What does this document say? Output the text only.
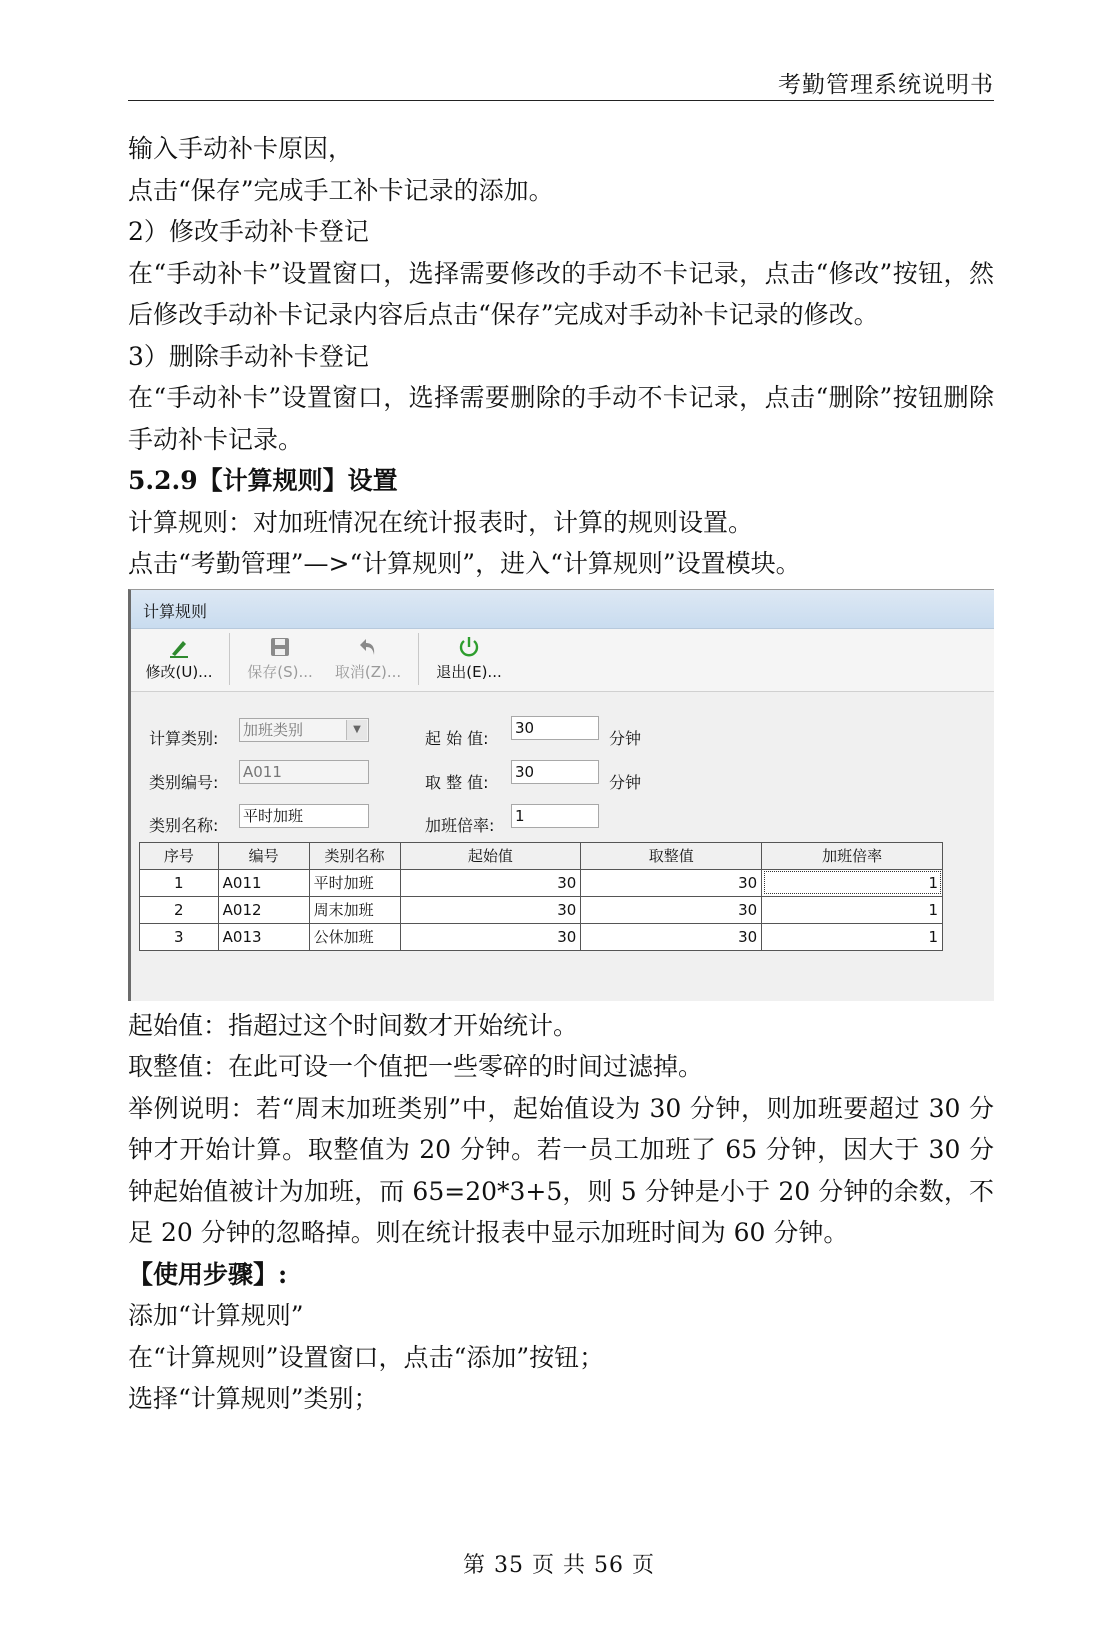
考勤管理系统说明书

输入手动补卡原因，

点击“保存”完成手工补卡记录的添加。

2）修改手动补卡登记

在“手动补卡”设置窗口，选择需要修改的手动不卡记录，点击“修改”按钮，然后修改手动补卡记录内容后点击“保存”完成对手动补卡记录的修改。

3）删除手动补卡登记

在“手动补卡”设置窗口，选择需要删除的手动不卡记录，点击“删除”按钮删除手动补卡记录。

5.2.9【计算规则】设置

计算规则：对加班情况在统计报表时，计算的规则设置。

点击“考勤管理”—>“计算规则”，进入“计算规则”设置模块。

计算规则
修改(U)... 保存(S)... 取消(Z)... 退出(E)...
计算类别: 加班类别	▼
类别编号:
A011
类别名称: 平时加班
起 始 值:
30
分钟
取 整 值:
30
分钟
加班倍率: 1
序号	编号	类别名称	起始值	取整值	加班倍率
1	A011	平时加班	30	30	1
2	A012	周末加班	30	30	1
3	A013	公休加班	30	30	1

起始值：指超过这个时间数才开始统计。

取整值：在此可设一个值把一些零碎的时间过滤掉。

举例说明：若“周末加班类别”中，起始值设为 30 分钟，则加班要超过 30 分钟才开始计算。取整值为 20 分钟。若一员工加班了 65 分钟，因大于 30 分钟起始值被计为加班，而 65=20*3+5，则 5 分钟是小于 20 分钟的余数，不足 20 分钟的忽略掉。则在统计报表中显示加班时间为 60 分钟。

【使用步骤】:

添加“计算规则”

在“计算规则”设置窗口，点击“添加”按钮；

选择“计算规则”类别；

第 35 页 共 56 页
